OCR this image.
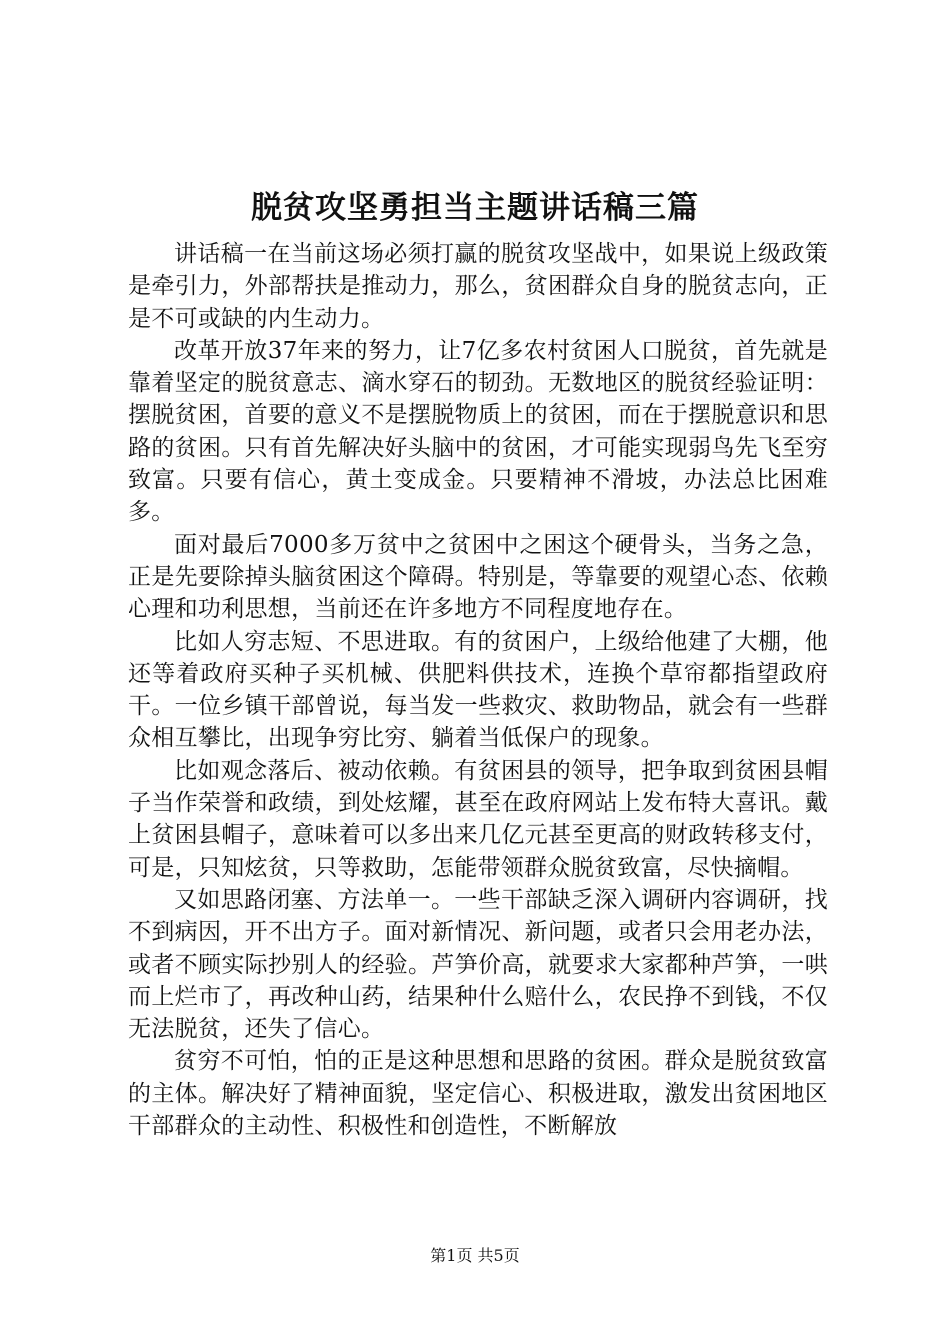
脱贫攻坚勇担当主题讲话稿三篇

讲话稿一在当前这场必须打赢的脱贫攻坚战中，如果说上级政策是牵引力，外部帮扶是推动力，那么，贫困群众自身的脱贫志向，正是不可或缺的内生动力。

改革开放37年来的努力，让7亿多农村贫困人口脱贫，首先就是靠着坚定的脱贫意志、滴水穿石的韧劲。无数地区的脱贫经验证明：摆脱贫困，首要的意义不是摆脱物质上的贫困，而在于摆脱意识和思路的贫困。只有首先解决好头脑中的贫困，才可能实现弱鸟先飞至穷致富。只要有信心，黄土变成金。只要精神不滑坡，办法总比困难多。

面对最后7000多万贫中之贫困中之困这个硬骨头，当务之急，正是先要除掉头脑贫困这个障碍。特别是，等靠要的观望心态、依赖心理和功利思想，当前还在许多地方不同程度地存在。

比如人穷志短、不思进取。有的贫困户，上级给他建了大棚，他还等着政府买种子买机械、供肥料供技术，连换个草帘都指望政府干。一位乡镇干部曾说，每当发一些救灾、救助物品，就会有一些群众相互攀比，出现争穷比穷、躺着当低保户的现象。

比如观念落后、被动依赖。有贫困县的领导，把争取到贫困县帽子当作荣誉和政绩，到处炫耀，甚至在政府网站上发布特大喜讯。戴上贫困县帽子，意味着可以多出来几亿元甚至更高的财政转移支付，可是，只知炫贫，只等救助，怎能带领群众脱贫致富，尽快摘帽。

又如思路闭塞、方法单一。一些干部缺乏深入调研内容调研，找不到病因，开不出方子。面对新情况、新问题，或者只会用老办法，或者不顾实际抄别人的经验。芦笋价高，就要求大家都种芦笋，一哄而上烂市了，再改种山药，结果种什么赔什么，农民挣不到钱，不仅无法脱贫，还失了信心。

贫穷不可怕，怕的正是这种思想和思路的贫困。群众是脱贫致富的主体。解决好了精神面貌，坚定信心、积极进取，激发出贫困地区干部群众的主动性、积极性和创造性，不断解放

第1页 共5页
